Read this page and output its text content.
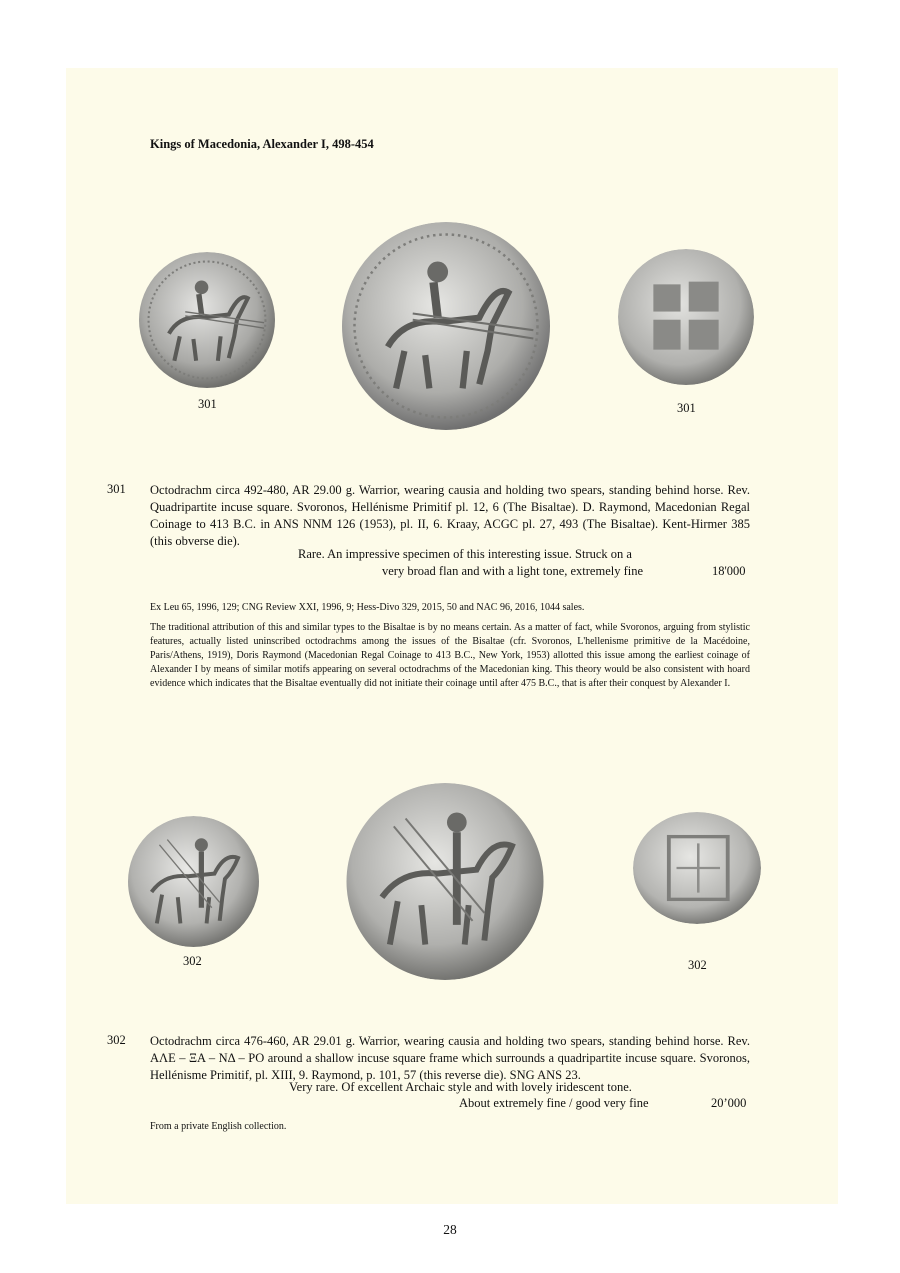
Kings of Macedonia, Alexander I, 498-454
301	301
301 Octodrachm circa 492-480, AR 29.00 g. Warrior, wearing causia and holding two spears, standing behind horse. Rev. Quadripartite incuse square. Svoronos, Hellénisme Primitif pl. 12, 6 (The Bisaltae). D. Raymond, Macedonian Regal Coinage to 413 B.C. in ANS NNM 126 (1953), pl. II, 6. Kraay, ACGC pl. 27, 493 (The Bisaltae). Kent-Hirmer 385 (this obverse die).
Rare. An impressive specimen of this interesting issue. Struck on a
very broad flan and with a light tone, extremely fine	18'000
Ex Leu 65, 1996, 129; CNG Review XXI, 1996, 9; Hess-Divo 329, 2015, 50 and NAC 96, 2016, 1044 sales.
The traditional attribution of this and similar types to the Bisaltae is by no means certain. As a matter of fact, while Svoronos, arguing from stylistic features, actually listed uninscribed octodrachms among the issues of the Bisaltae (cfr. Svoronos, L'hellenisme primitive de la Macédoine, Paris/Athens, 1919), Doris Raymond (Macedonian Regal Coinage to 413 B.C., New York, 1953) allotted this issue among the earliest coinage of Alexander I by means of similar motifs appearing on several octodrachms of the Macedonian king. This theory would be also consistent with hoard evidence which indicates that the Bisaltae eventually did not initiate their coinage until after 475 B.C., that is after their conquest by Alexander I.
302	302
302 Octodrachm circa 476-460, AR 29.01 g. Warrior, wearing causia and holding two spears, standing behind horse. Rev. ΑΛΕ – ΞΑ – ΝΔ – ΡΟ around a shallow incuse square frame which surrounds a quadripartite incuse square. Svoronos, Hellénisme Primitif, pl. XIII, 9. Raymond, p. 101, 57 (this reverse die). SNG ANS 23.
Very rare. Of excellent Archaic style and with lovely iridescent tone.
About extremely fine / good very fine	20’000
From a private English collection.
28
